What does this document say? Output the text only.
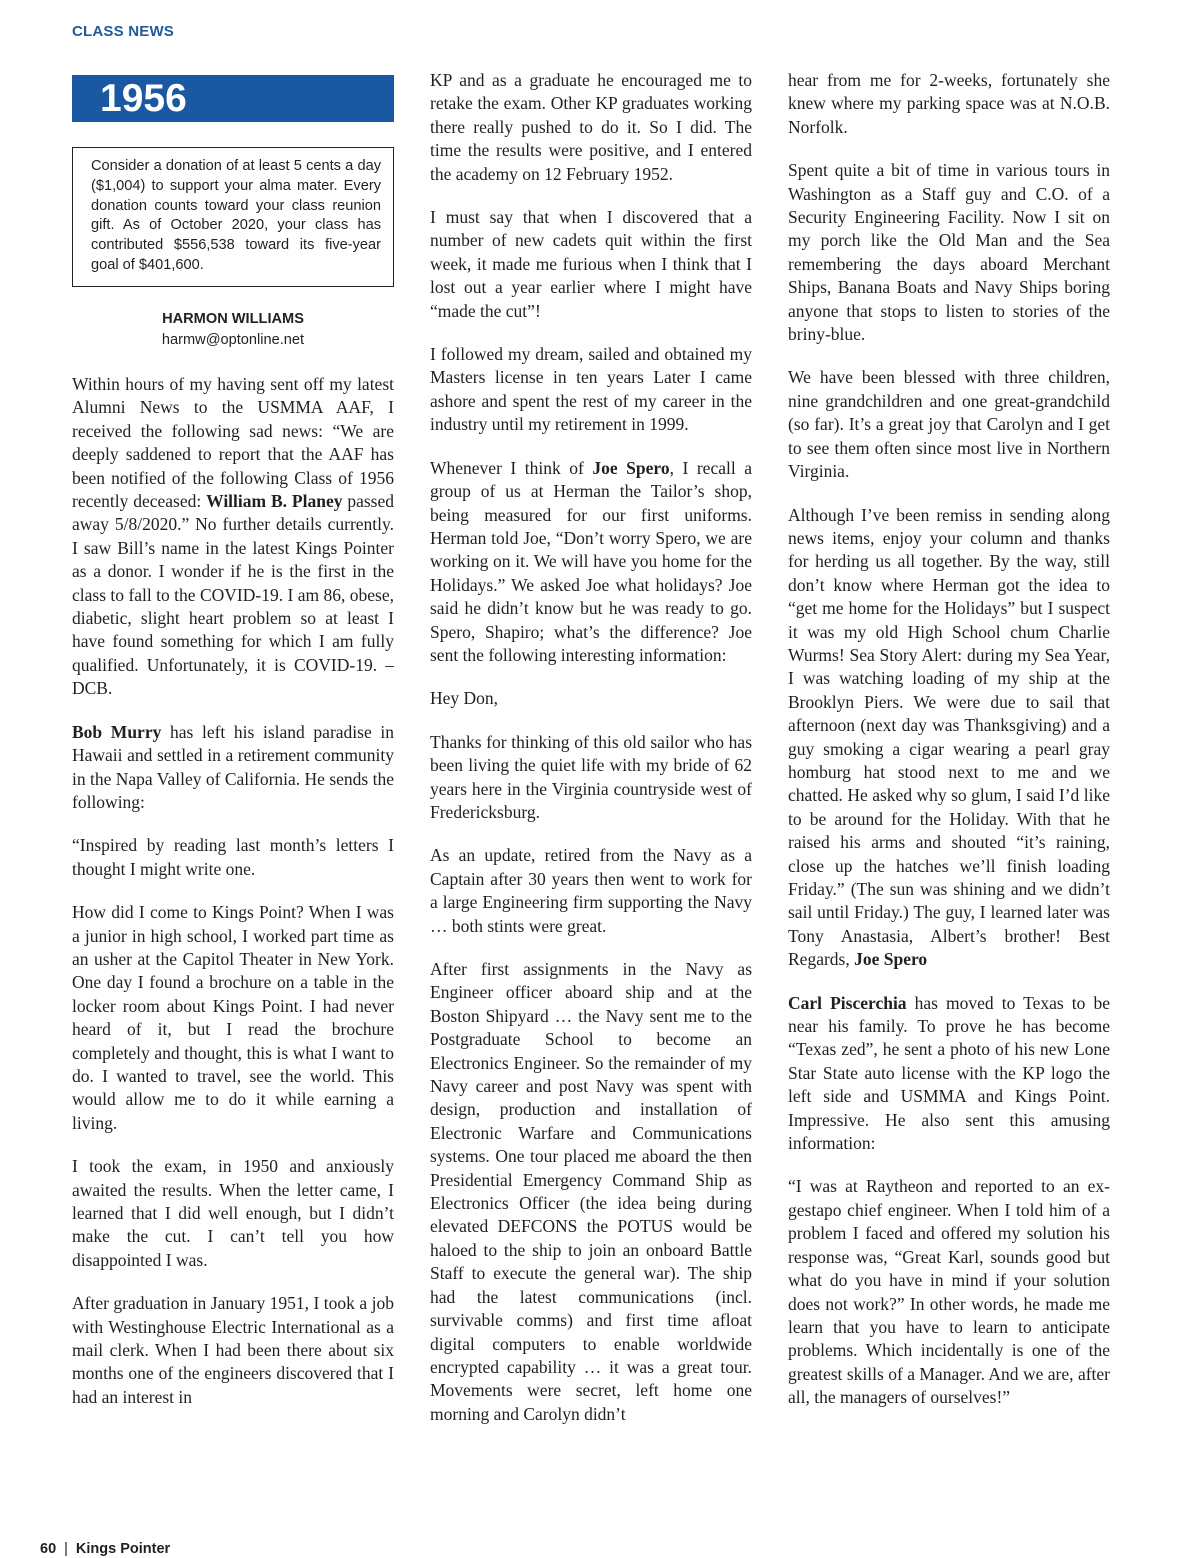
CLASS NEWS
1956
Consider a donation of at least 5 cents a day ($1,004) to support your alma mater. Every donation counts toward your class reunion gift. As of October 2020, your class has contributed $556,538 toward its five-year goal of $401,600.
HARMON WILLIAMS
harmw@optonline.net

Within hours of my having sent off my latest Alumni News to the USMMA AAF, I received the following sad news: “We are deeply saddened to report that the AAF has been notified of the following Class of 1956 recently deceased: William B. Planey passed away 5/8/2020.” No further details currently. I saw Bill’s name in the latest Kings Pointer as a donor. I wonder if he is the first in the class to fall to the COVID-19. I am 86, obese, diabetic, slight heart problem so at least I have found something for which I am fully qualified. Unfortunately, it is COVID-19. – DCB.

Bob Murry has left his island paradise in Hawaii and settled in a retirement community in the Napa Valley of California. He sends the following:

“Inspired by reading last month’s letters I thought I might write one.

How did I come to Kings Point? When I was a junior in high school, I worked part time as an usher at the Capitol Theater in New York. One day I found a brochure on a table in the locker room about Kings Point. I had never heard of it, but I read the brochure completely and thought, this is what I want to do. I wanted to travel, see the world. This would allow me to do it while earning a living.

I took the exam, in 1950 and anxiously awaited the results. When the letter came, I learned that I did well enough, but I didn’t make the cut. I can’t tell you how disappointed I was.

After graduation in January 1951, I took a job with Westinghouse Electric International as a mail clerk. When I had been there about six months one of the engineers discovered that I had an interest in

KP and as a graduate he encouraged me to retake the exam. Other KP graduates working there really pushed to do it. So I did. The time the results were positive, and I entered the academy on 12 February 1952.

I must say that when I discovered that a number of new cadets quit within the first week, it made me furious when I think that I lost out a year earlier where I might have “made the cut”!

I followed my dream, sailed and obtained my Masters license in ten years Later I came ashore and spent the rest of my career in the industry until my retirement in 1999.

Whenever I think of Joe Spero, I recall a group of us at Herman the Tailor’s shop, being measured for our first uniforms. Herman told Joe, “Don’t worry Spero, we are working on it. We will have you home for the Holidays.” We asked Joe what holidays? Joe said he didn’t know but he was ready to go. Spero, Shapiro; what’s the difference? Joe sent the following interesting information:

Hey Don,

Thanks for thinking of this old sailor who has been living the quiet life with my bride of 62 years here in the Virginia countryside west of Fredericksburg.

As an update, retired from the Navy as a Captain after 30 years then went to work for a large Engineering firm supporting the Navy … both stints were great.

After first assignments in the Navy as Engineer officer aboard ship and at the Boston Shipyard … the Navy sent me to the Postgraduate School to become an Electronics Engineer. So the remainder of my Navy career and post Navy was spent with design, production and installation of Electronic Warfare and Communications systems. One tour placed me aboard the then Presidential Emergency Command Ship as Electronics Officer (the idea being during elevated DEFCONS the POTUS would be haloed to the ship to join an onboard Battle Staff to execute the general war). The ship had the latest communications (incl. survivable comms) and first time afloat digital computers to enable worldwide encrypted capability … it was a great tour. Movements were secret, left home one morning and Carolyn didn’t

hear from me for 2-weeks, fortunately she knew where my parking space was at N.O.B. Norfolk.

Spent quite a bit of time in various tours in Washington as a Staff guy and C.O. of a Security Engineering Facility. Now I sit on my porch like the Old Man and the Sea remembering the days aboard Merchant Ships, Banana Boats and Navy Ships boring anyone that stops to listen to stories of the briny-blue.

We have been blessed with three children, nine grandchildren and one great-grandchild (so far). It’s a great joy that Carolyn and I get to see them often since most live in Northern Virginia.

Although I’ve been remiss in sending along news items, enjoy your column and thanks for herding us all together. By the way, still don’t know where Herman got the idea to “get me home for the Holidays” but I suspect it was my old High School chum Charlie Wurms! Sea Story Alert: during my Sea Year, I was watching loading of my ship at the Brooklyn Piers. We were due to sail that afternoon (next day was Thanksgiving) and a guy smoking a cigar wearing a pearl gray homburg hat stood next to me and we chatted. He asked why so glum, I said I’d like to be around for the Holiday. With that he raised his arms and shouted “it’s raining, close up the hatches we’ll finish loading Friday.” (The sun was shining and we didn’t sail until Friday.) The guy, I learned later was Tony Anastasia, Albert’s brother! Best Regards, Joe Spero

Carl Piscerchia has moved to Texas to be near his family. To prove he has become “Texas zed”, he sent a photo of his new Lone Star State auto license with the KP logo the left side and USMMA and Kings Point. Impressive. He also sent this amusing information:

“I was at Raytheon and reported to an ex-gestapo chief engineer. When I told him of a problem I faced and offered my solution his response was, “Great Karl, sounds good but what do you have in mind if your solution does not work?” In other words, he made me learn that you have to learn to anticipate problems. Which incidentally is one of the greatest skills of a Manager. And we are, after all, the managers of ourselves!”

60 | Kings Pointer
